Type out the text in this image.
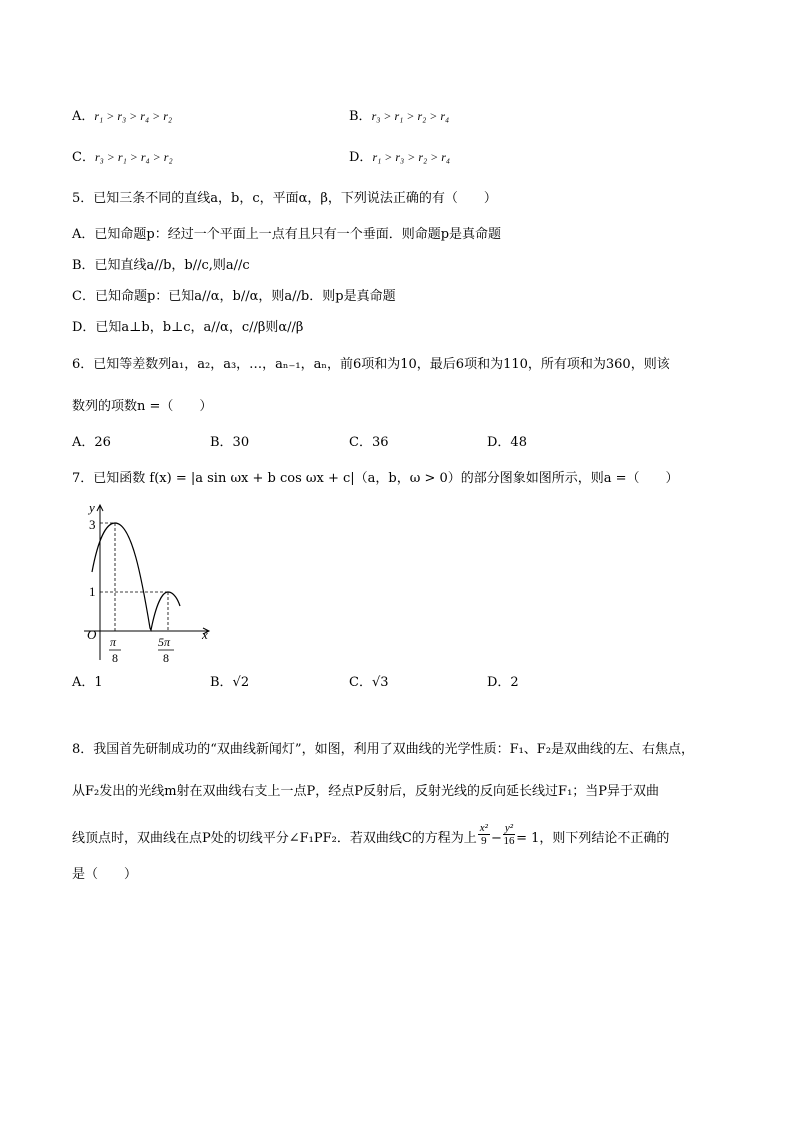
A．r₁ > r₃ > r₄ > r₂	B．r₃ > r₁ > r₂ > r₄
C．r₃ > r₁ > r₄ > r₂	D．r₁ > r₃ > r₂ > r₄
5．已知三条不同的直线a，b，c，平面α，β，下列说法正确的有（　　）
A．已知命题p：经过一个平面上一点有且只有一个垂面．则命题p是真命题
B．已知直线a//b，b//c,则a//c
C．已知命题p：已知a//α，b//α，则a//b．则p是真命题
D．已知a⊥b，b⊥c，a//α，c//β则α//β
6．已知等差数列a₁，a₂，a₃，…，aₙ₋₁，aₙ，前6项和为10，最后6项和为110，所有项和为360，则该
数列的项数n =（　　）
A．26	B．30	C．36	D．48
7．已知函数 f(x) = |a sin ωx + b cos ωx + c|（a，b，ω > 0）的部分图象如图所示，则a =（　　）
y
x
O
3
1
π
8
5π
8
A．1	B．√2	C．√3	D．2
8．我国首先研制成功的“双曲线新闻灯”，如图，利用了双曲线的光学性质：F₁、F₂是双曲线的左、右焦点，
从F₂发出的光线m射在双曲线右支上一点P，经点P反射后，反射光线的反向延长线过F₁；当P异于双曲
线顶点时，双曲线在点P处的切线平分∠F₁PF₂．若双曲线C的方程为上 $\frac{\text{x²}}{9} - \frac{\text{y²}}{16} = 1$，则下列结论不正确的
是（　　）
